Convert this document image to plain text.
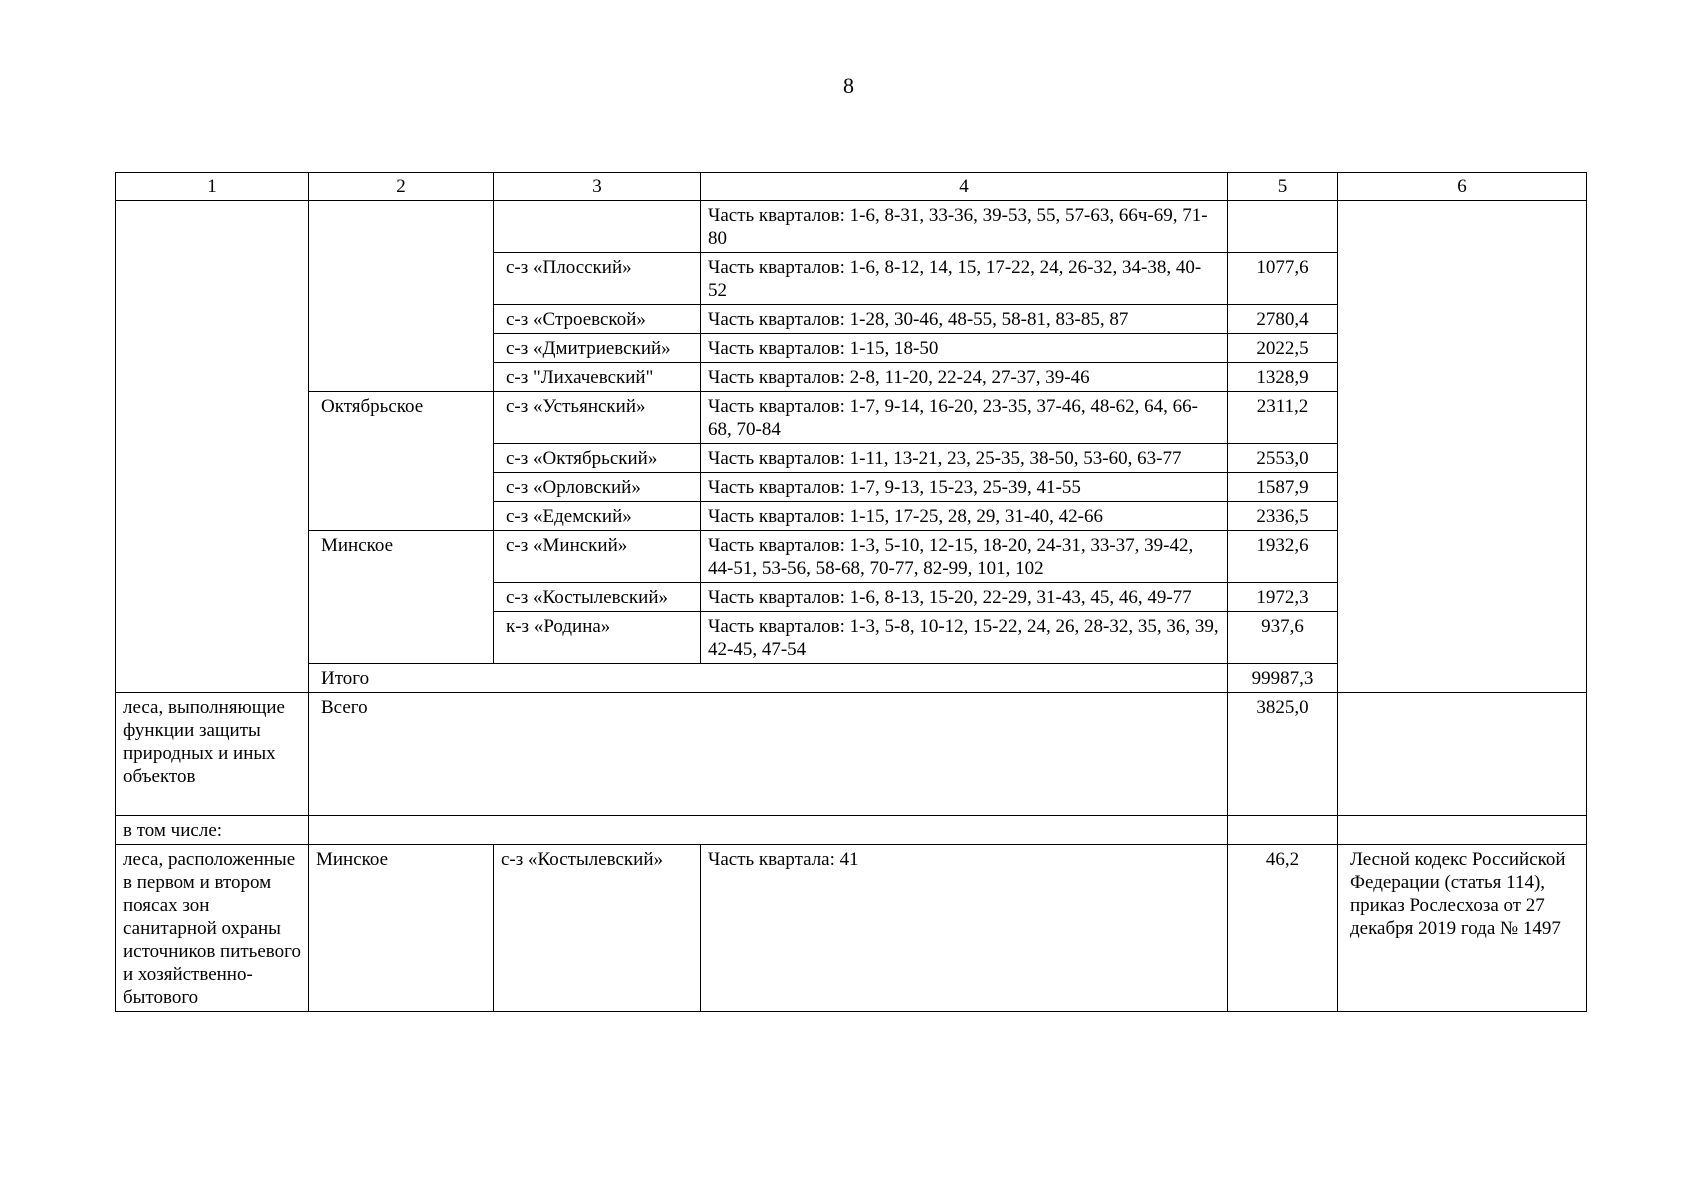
8
1	2	3	4	5	6
			Часть кварталов: 1-6, 8-31, 33-36, 39-53, 55, 57-63, 66ч-69, 71-80		
		с-з «Плосский»	Часть кварталов: 1-6, 8-12, 14, 15, 17-22, 24, 26-32, 34-38, 40-52	1077,6	
		с-з «Строевской»	Часть кварталов: 1-28, 30-46, 48-55, 58-81, 83-85, 87	2780,4	
		с-з «Дмитриевский»	Часть кварталов: 1-15, 18-50	2022,5	
		с-з "Лихачевский"	Часть кварталов: 2-8, 11-20, 22-24, 27-37, 39-46	1328,9	
	Октябрьское	с-з «Устьянский»	Часть кварталов: 1-7, 9-14, 16-20, 23-35, 37-46, 48-62, 64, 66-68, 70-84	2311,2	
		с-з «Октябрьский»	Часть кварталов: 1-11, 13-21, 23, 25-35, 38-50, 53-60, 63-77	2553,0	
		с-з «Орловский»	Часть кварталов: 1-7, 9-13, 15-23, 25-39, 41-55	1587,9	
		с-з «Едемский»	Часть кварталов: 1-15, 17-25, 28, 29, 31-40, 42-66	2336,5	
	Минское	с-з «Минский»	Часть кварталов: 1-3, 5-10, 12-15, 18-20, 24-31, 33-37, 39-42, 44-51, 53-56, 58-68, 70-77, 82-99, 101, 102	1932,6	
		с-з «Костылевский»	Часть кварталов: 1-6, 8-13, 15-20, 22-29, 31-43, 45, 46, 49-77	1972,3	
		к-з «Родина»	Часть кварталов: 1-3, 5-8, 10-12, 15-22, 24, 26, 28-32, 35, 36, 39, 42-45, 47-54	937,6	
	Итого			99987,3	
леса, выполняющие функции защиты природных и иных объектов	Всего			3825,0	
в том числе:					
леса, расположенные в первом и втором поясах зон санитарной охраны источников питьевого и хозяйственно-бытового	Минское	с-з «Костылевский»	Часть квартала: 41	46,2	Лесной кодекс Российской Федерации (статья 114), приказ Рослесхоза от 27 декабря 2019 года № 1497
